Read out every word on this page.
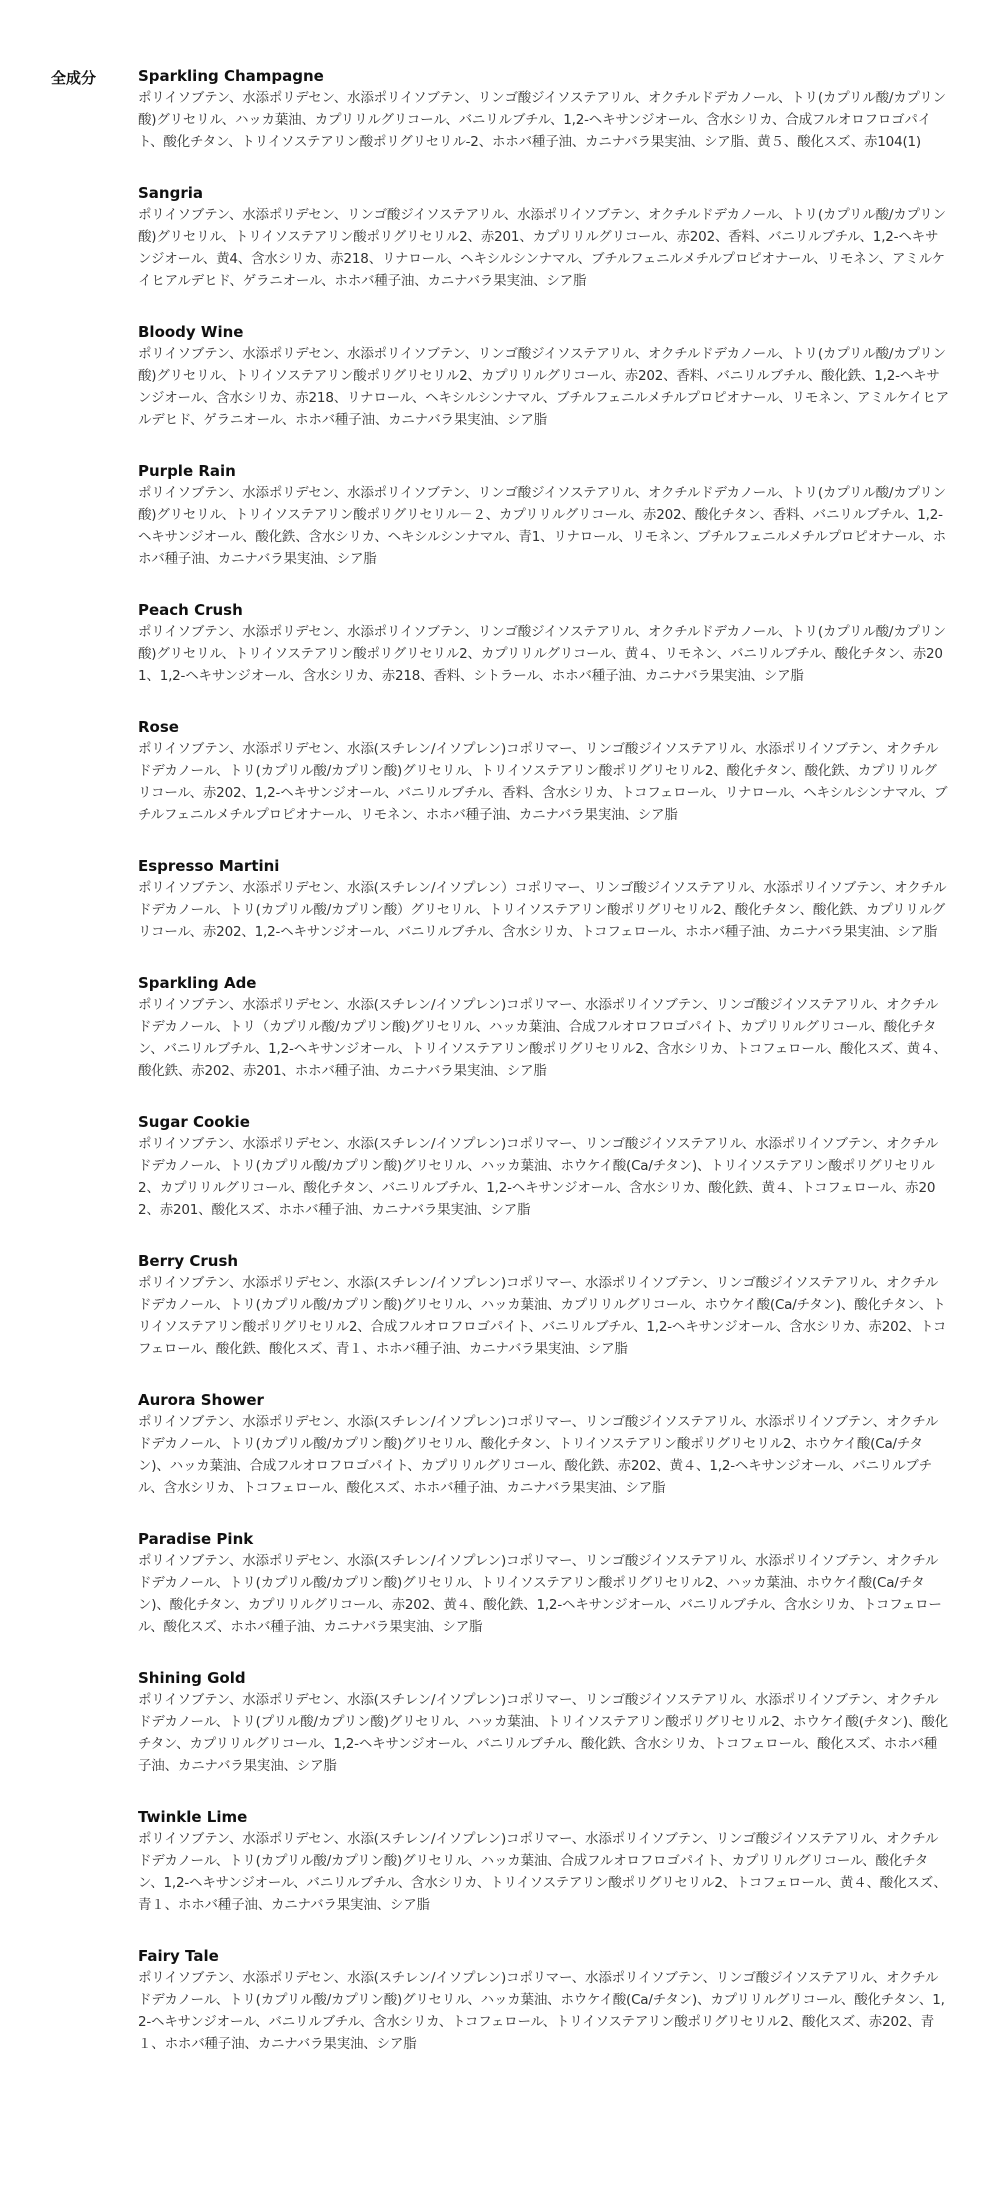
全成分	Sparkling Champagne
ポリイソブテン、水添ポリデセン、水添ポリイソブテン、リンゴ酸ジイソステアリル、オクチルドデカノール、トリ(カプリル酸/カプリン酸)グリセリル、ハッカ葉油、カプリリルグリコール、バニリルブチル、1,2-ヘキサンジオール、含水シリカ、合成フルオロフロゴパイト、酸化チタン、トリイソステアリン酸ポリグリセリル-2、ホホバ種子油、カニナバラ果実油、シア脂、黄５、酸化スズ、赤104(1)
Sangria
ポリイソブテン、水添ポリデセン、リンゴ酸ジイソステアリル、水添ポリイソブテン、オクチルドデカノール、トリ(カプリル酸/カプリン酸)グリセリル、トリイソステアリン酸ポリグリセリル2、赤201、カプリリルグリコール、赤202、香料、バニリルブチル、1,2-ヘキサンジオール、黄4、含水シリカ、赤218、リナロール、ヘキシルシンナマル、ブチルフェニルメチルプロピオナール、リモネン、アミルケイヒアルデヒド、ゲラニオール、ホホバ種子油、カニナバラ果実油、シア脂
Bloody Wine
ポリイソブテン、水添ポリデセン、水添ポリイソブテン、リンゴ酸ジイソステアリル、オクチルドデカノール、トリ(カプリル酸/カプリン酸)グリセリル、トリイソステアリン酸ポリグリセリル2、カプリリルグリコール、赤202、香料、バニリルブチル、酸化鉄、1,2-ヘキサンジオール、含水シリカ、赤218、リナロール、ヘキシルシンナマル、ブチルフェニルメチルプロピオナール、リモネン、アミルケイヒアルデヒド、ゲラニオール、ホホバ種子油、カニナバラ果実油、シア脂
Purple Rain
ポリイソブテン、水添ポリデセン、水添ポリイソブテン、リンゴ酸ジイソステアリル、オクチルドデカノール、トリ(カプリル酸/カプリン酸)グリセリル、トリイソステアリン酸ポリグリセリル－２、カプリリルグリコール、赤202、酸化チタン、香料、バニリルブチル、1,2-ヘキサンジオール、酸化鉄、含水シリカ、ヘキシルシンナマル、青1、リナロール、リモネン、ブチルフェニルメチルプロピオナール、ホホバ種子油、カニナバラ果実油、シア脂
Peach Crush
ポリイソブテン、水添ポリデセン、水添ポリイソブテン、リンゴ酸ジイソステアリル、オクチルドデカノール、トリ(カプリル酸/カプリン酸)グリセリル、トリイソステアリン酸ポリグリセリル2、カプリリルグリコール、黄４、リモネン、バニリルブチル、酸化チタン、赤201、1,2-ヘキサンジオール、含水シリカ、赤218、香料、シトラール、ホホバ種子油、カニナバラ果実油、シア脂
Rose
ポリイソブテン、水添ポリデセン、水添(スチレン/イソプレン)コポリマー、リンゴ酸ジイソステアリル、水添ポリイソブテン、オクチルドデカノール、トリ(カプリル酸/カプリン酸)グリセリル、トリイソステアリン酸ポリグリセリル2、酸化チタン、酸化鉄、カプリリルグリコール、赤202、1,2-ヘキサンジオール、バニリルブチル、香料、含水シリカ、トコフェロール、リナロール、ヘキシルシンナマル、ブチルフェニルメチルプロピオナール、リモネン、ホホバ種子油、カニナバラ果実油、シア脂
Espresso Martini
ポリイソブテン、水添ポリデセン、水添(スチレン/イソプレン）コポリマー、リンゴ酸ジイソステアリル、水添ポリイソブテン、オクチルドデカノール、トリ(カプリル酸/カプリン酸）グリセリル、トリイソステアリン酸ポリグリセリル2、酸化チタン、酸化鉄、カプリリルグリコール、赤202、1,2-ヘキサンジオール、バニリルブチル、含水シリカ、トコフェロール、ホホバ種子油、カニナバラ果実油、シア脂
Sparkling Ade
ポリイソブテン、水添ポリデセン、水添(スチレン/イソプレン)コポリマー、水添ポリイソブテン、リンゴ酸ジイソステアリル、オクチルドデカノール、トリ（カプリル酸/カプリン酸)グリセリル、ハッカ葉油、合成フルオロフロゴパイト、カプリリルグリコール、酸化チタン、バニリルブチル、1,2-ヘキサンジオール、トリイソステアリン酸ポリグリセリル2、含水シリカ、トコフェロール、酸化スズ、黄４、酸化鉄、赤202、赤201、ホホバ種子油、カニナバラ果実油、シア脂
Sugar Cookie
ポリイソブテン、水添ポリデセン、水添(スチレン/イソプレン)コポリマー、リンゴ酸ジイソステアリル、水添ポリイソブテン、オクチルドデカノール、トリ(カプリル酸/カプリン酸)グリセリル、ハッカ葉油、ホウケイ酸(Ca/チタン)、トリイソステアリン酸ポリグリセリル2、カプリリルグリコール、酸化チタン、バニリルブチル、1,2-ヘキサンジオール、含水シリカ、酸化鉄、黄４、トコフェロール、赤202、赤201、酸化スズ、ホホバ種子油、カニナバラ果実油、シア脂
Berry Crush
ポリイソブテン、水添ポリデセン、水添(スチレン/イソプレン)コポリマー、水添ポリイソブテン、リンゴ酸ジイソステアリル、オクチルドデカノール、トリ(カプリル酸/カプリン酸)グリセリル、ハッカ葉油、カプリリルグリコール、ホウケイ酸(Ca/チタン)、酸化チタン、トリイソステアリン酸ポリグリセリル2、合成フルオロフロゴパイト、バニリルブチル、1,2-ヘキサンジオール、含水シリカ、赤202、トコフェロール、酸化鉄、酸化スズ、青１、ホホバ種子油、カニナバラ果実油、シア脂
Aurora Shower
ポリイソブテン、水添ポリデセン、水添(スチレン/イソプレン)コポリマー、リンゴ酸ジイソステアリル、水添ポリイソブテン、オクチルドデカノール、トリ(カプリル酸/カプリン酸)グリセリル、酸化チタン、トリイソステアリン酸ポリグリセリル2、ホウケイ酸(Ca/チタン)、ハッカ葉油、合成フルオロフロゴパイト、カプリリルグリコール、酸化鉄、赤202、黄４、1,2-ヘキサンジオール、バニリルブチル、含水シリカ、トコフェロール、酸化スズ、ホホバ種子油、カニナバラ果実油、シア脂
Paradise Pink
ポリイソブテン、水添ポリデセン、水添(スチレン/イソプレン)コポリマー、リンゴ酸ジイソステアリル、水添ポリイソブテン、オクチルドデカノール、トリ(カプリル酸/カプリン酸)グリセリル、トリイソステアリン酸ポリグリセリル2、ハッカ葉油、ホウケイ酸(Ca/チタン)、酸化チタン、カプリリルグリコール、赤202、黄４、酸化鉄、1,2-ヘキサンジオール、バニリルブチル、含水シリカ、トコフェロール、酸化スズ、ホホバ種子油、カニナバラ果実油、シア脂
Shining Gold
ポリイソブテン、水添ポリデセン、水添(スチレン/イソプレン)コポリマー、リンゴ酸ジイソステアリル、水添ポリイソブテン、オクチルドデカノール、トリ(プリル酸/カプリン酸)グリセリル、ハッカ葉油、トリイソステアリン酸ポリグリセリル2、ホウケイ酸(チタン)、酸化チタン、カプリリルグリコール、1,2-ヘキサンジオール、バニリルブチル、酸化鉄、含水シリカ、トコフェロール、酸化スズ、ホホバ種子油、カニナバラ果実油、シア脂
Twinkle Lime
ポリイソブテン、水添ポリデセン、水添(スチレン/イソプレン)コポリマー、水添ポリイソブテン、リンゴ酸ジイソステアリル、オクチルドデカノール、トリ(カプリル酸/カプリン酸)グリセリル、ハッカ葉油、合成フルオロフロゴパイト、カプリリルグリコール、酸化チタン、1,2-ヘキサンジオール、バニリルブチル、含水シリカ、トリイソステアリン酸ポリグリセリル2、トコフェロール、黄４、酸化スズ、青１、ホホバ種子油、カニナバラ果実油、シア脂
Fairy Tale
ポリイソブテン、水添ポリデセン、水添(スチレン/イソプレン)コポリマー、水添ポリイソブテン、リンゴ酸ジイソステアリル、オクチルドデカノール、トリ(カプリル酸/カプリン酸)グリセリル、ハッカ葉油、ホウケイ酸(Ca/チタン)、カプリリルグリコール、酸化チタン、1,2-ヘキサンジオール、バニリルブチル、含水シリカ、トコフェロール、トリイソステアリン酸ポリグリセリル2、酸化スズ、赤202、青１、ホホバ種子油、カニナバラ果実油、シア脂
